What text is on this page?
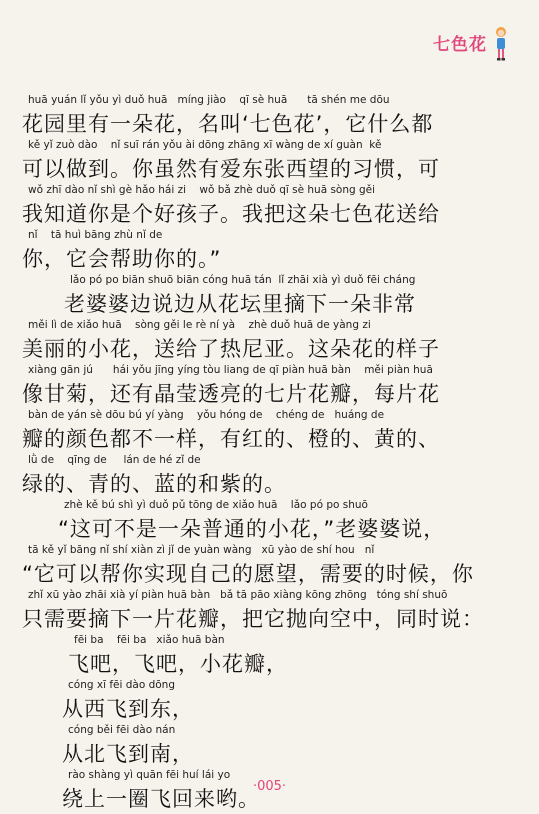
七色花
huā yuán lǐ yǒu yì duǒ huā   míng jiào    qī sè huā      tā shén me dōu
花园里有一朵花，名叫‘七色花’，它什么都
kě yǐ zuò dào    nǐ suī rán yǒu ài dōng zhāng xī wàng de xí guàn  kě
可以做到。你虽然有爱东张西望的习惯，可
wǒ zhī dào nǐ shì gè hǎo hái zi    wǒ bǎ zhè duǒ qī sè huā sòng gěi
我知道你是个好孩子。我把这朵七色花送给
nǐ    tā huì bāng zhù nǐ de
你，它会帮助你的。”
lǎo pó po biān shuō biān cóng huā tán  lǐ zhāi xià yì duǒ fēi cháng
老婆婆边说边从花坛里摘下一朵非常
měi lì de xiǎo huā    sòng gěi le rè ní yà    zhè duǒ huā de yàng zi
美丽的小花，送给了热尼亚。这朵花的样子
xiàng gān jú      hái yǒu jīng yíng tòu liang de qī piàn huā bàn    měi piàn huā
像甘菊，还有晶莹透亮的七片花瓣，每片花
bàn de yán sè dōu bú yí yàng    yǒu hóng de    chéng de   huáng de
瓣的颜色都不一样，有红的、橙的、黄的、
lǜ de    qīng de     lán de hé zǐ de
绿的、青的、蓝的和紫的。
zhè kě bú shì yì duǒ pǔ tōng de xiǎo huā    lǎo pó po shuō
“这可不是一朵普通的小花，”老婆婆说，
tā kě yǐ bāng nǐ shí xiàn zì jǐ de yuàn wàng   xū yào de shí hou   nǐ
“它可以帮你实现自己的愿望，需要的时候，你
zhǐ xū yào zhāi xià yí piàn huā bàn   bǎ tā pāo xiàng kōng zhōng   tóng shí shuō
只需要摘下一片花瓣，把它抛向空中，同时说：
fēi ba    fēi ba   xiǎo huā bàn
飞吧，飞吧，小花瓣，
cóng xī fēi dào dōng
从西飞到东，
cóng běi fēi dào nán
从北飞到南，
rào shàng yì quān fēi huí lái yo
绕上一圈飞回来哟。
·005·
